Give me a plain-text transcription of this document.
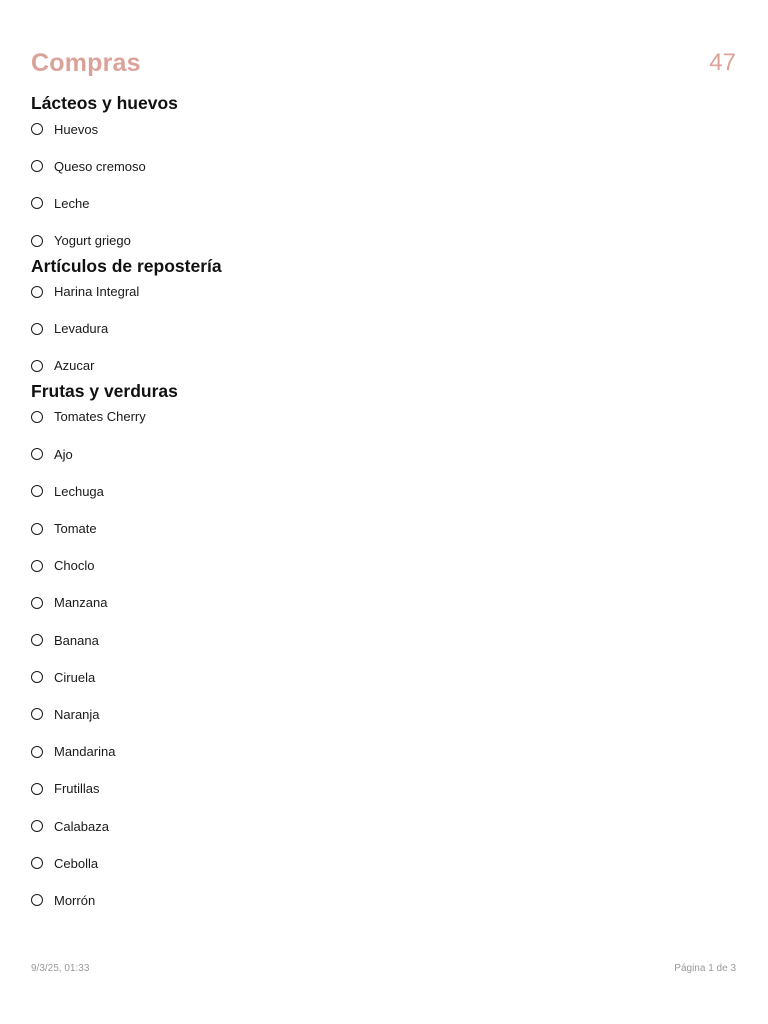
Compras	47
Lácteos y huevos
Huevos
Queso cremoso
Leche
Yogurt griego
Artículos de repostería
Harina Integral
Levadura
Azucar
Frutas y verduras
Tomates Cherry
Ajo
Lechuga
Tomate
Choclo
Manzana
Banana
Ciruela
Naranja
Mandarina
Frutillas
Calabaza
Cebolla
Morrón
9/3/25, 01:33	Página 1 de 3
